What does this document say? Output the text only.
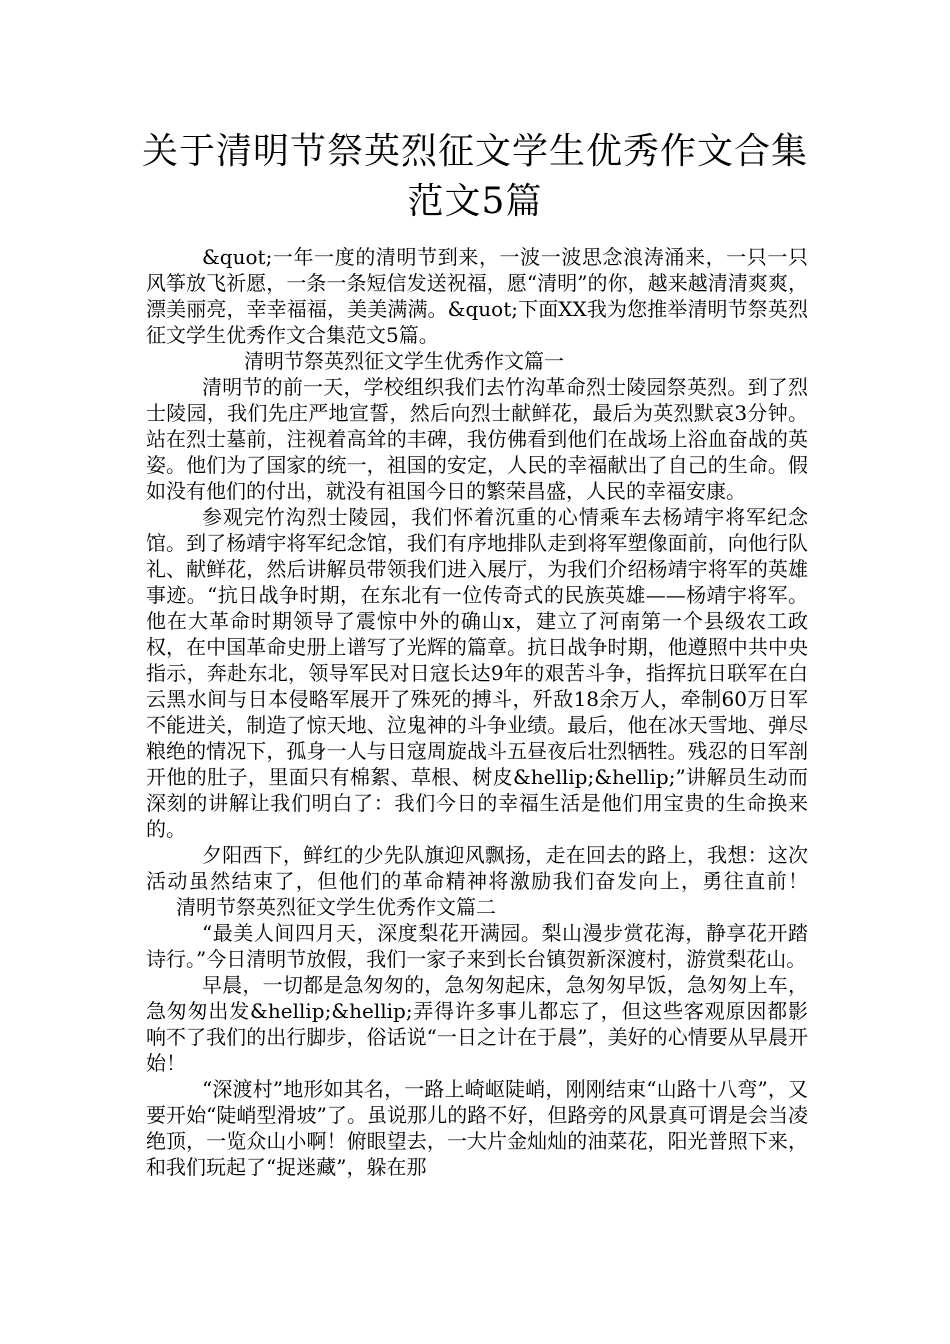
关于清明节祭英烈征文学生优秀作文合集
范文5篇

&quot;一年一度的清明节到来，一波一波思念浪涛涌来，一只一只风筝放飞祈愿，一条一条短信发送祝福，愿“清明”的你，越来越清清爽爽，漂美丽亮，幸幸福福，美美满满。&quot;下面XX我为您推举清明节祭英烈征文学生优秀作文合集范文5篇。

清明节祭英烈征文学生优秀作文篇一

清明节的前一天，学校组织我们去竹沟革命烈士陵园祭英烈。到了烈士陵园，我们先庄严地宣誓，然后向烈士献鲜花，最后为英烈默哀3分钟。站在烈士墓前，注视着高耸的丰碑，我仿佛看到他们在战场上浴血奋战的英姿。他们为了国家的统一，祖国的安定，人民的幸福献出了自己的生命。假如没有他们的付出，就没有祖国今日的繁荣昌盛，人民的幸福安康。

参观完竹沟烈士陵园，我们怀着沉重的心情乘车去杨靖宇将军纪念馆。到了杨靖宇将军纪念馆，我们有序地排队走到将军塑像面前，向他行队礼、献鲜花，然后讲解员带领我们进入展厅，为我们介绍杨靖宇将军的英雄事迹。“抗日战争时期，在东北有一位传奇式的民族英雄——杨靖宇将军。他在大革命时期领导了震惊中外的确山x，建立了河南第一个县级农工政权，在中国革命史册上谱写了光辉的篇章。抗日战争时期，他遵照中共中央指示，奔赴东北，领导军民对日寇长达9年的艰苦斗争，指挥抗日联军在白云黑水间与日本侵略军展开了殊死的搏斗，歼敌18余万人，牵制60万日军不能进关，制造了惊天地、泣鬼神的斗争业绩。最后，他在冰天雪地、弹尽粮绝的情况下，孤身一人与日寇周旋战斗五昼夜后壮烈牺牲。残忍的日军剖开他的肚子，里面只有棉絮、草根、树皮&hellip;&hellip;”讲解员生动而深刻的讲解让我们明白了：我们今日的幸福生活是他们用宝贵的生命换来的。

夕阳西下，鲜红的少先队旗迎风飘扬，走在回去的路上，我想：这次活动虽然结束了，但他们的革命精神将激励我们奋发向上，勇往直前！清明节祭英烈征文学生优秀作文篇二

“最美人间四月天，深度梨花开满园。梨山漫步赏花海，静享花开踏诗行。”今日清明节放假，我们一家子来到长台镇贺新深渡村，游赏梨花山。

早晨，一切都是急匆匆的，急匆匆起床，急匆匆早饭，急匆匆上车，急匆匆出发&hellip;&hellip;弄得许多事儿都忘了，但这些客观原因都影响不了我们的出行脚步，俗话说“一日之计在于晨”，美好的心情要从早晨开始！

“深渡村”地形如其名，一路上崎岖陡峭，刚刚结束“山路十八弯”，又要开始“陡峭型滑坡”了。虽说那儿的路不好，但路旁的风景真可谓是会当凌绝顶，一览众山小啊！俯眼望去，一大片金灿灿的油菜花，阳光普照下来，和我们玩起了“捉迷藏”，躲在那
